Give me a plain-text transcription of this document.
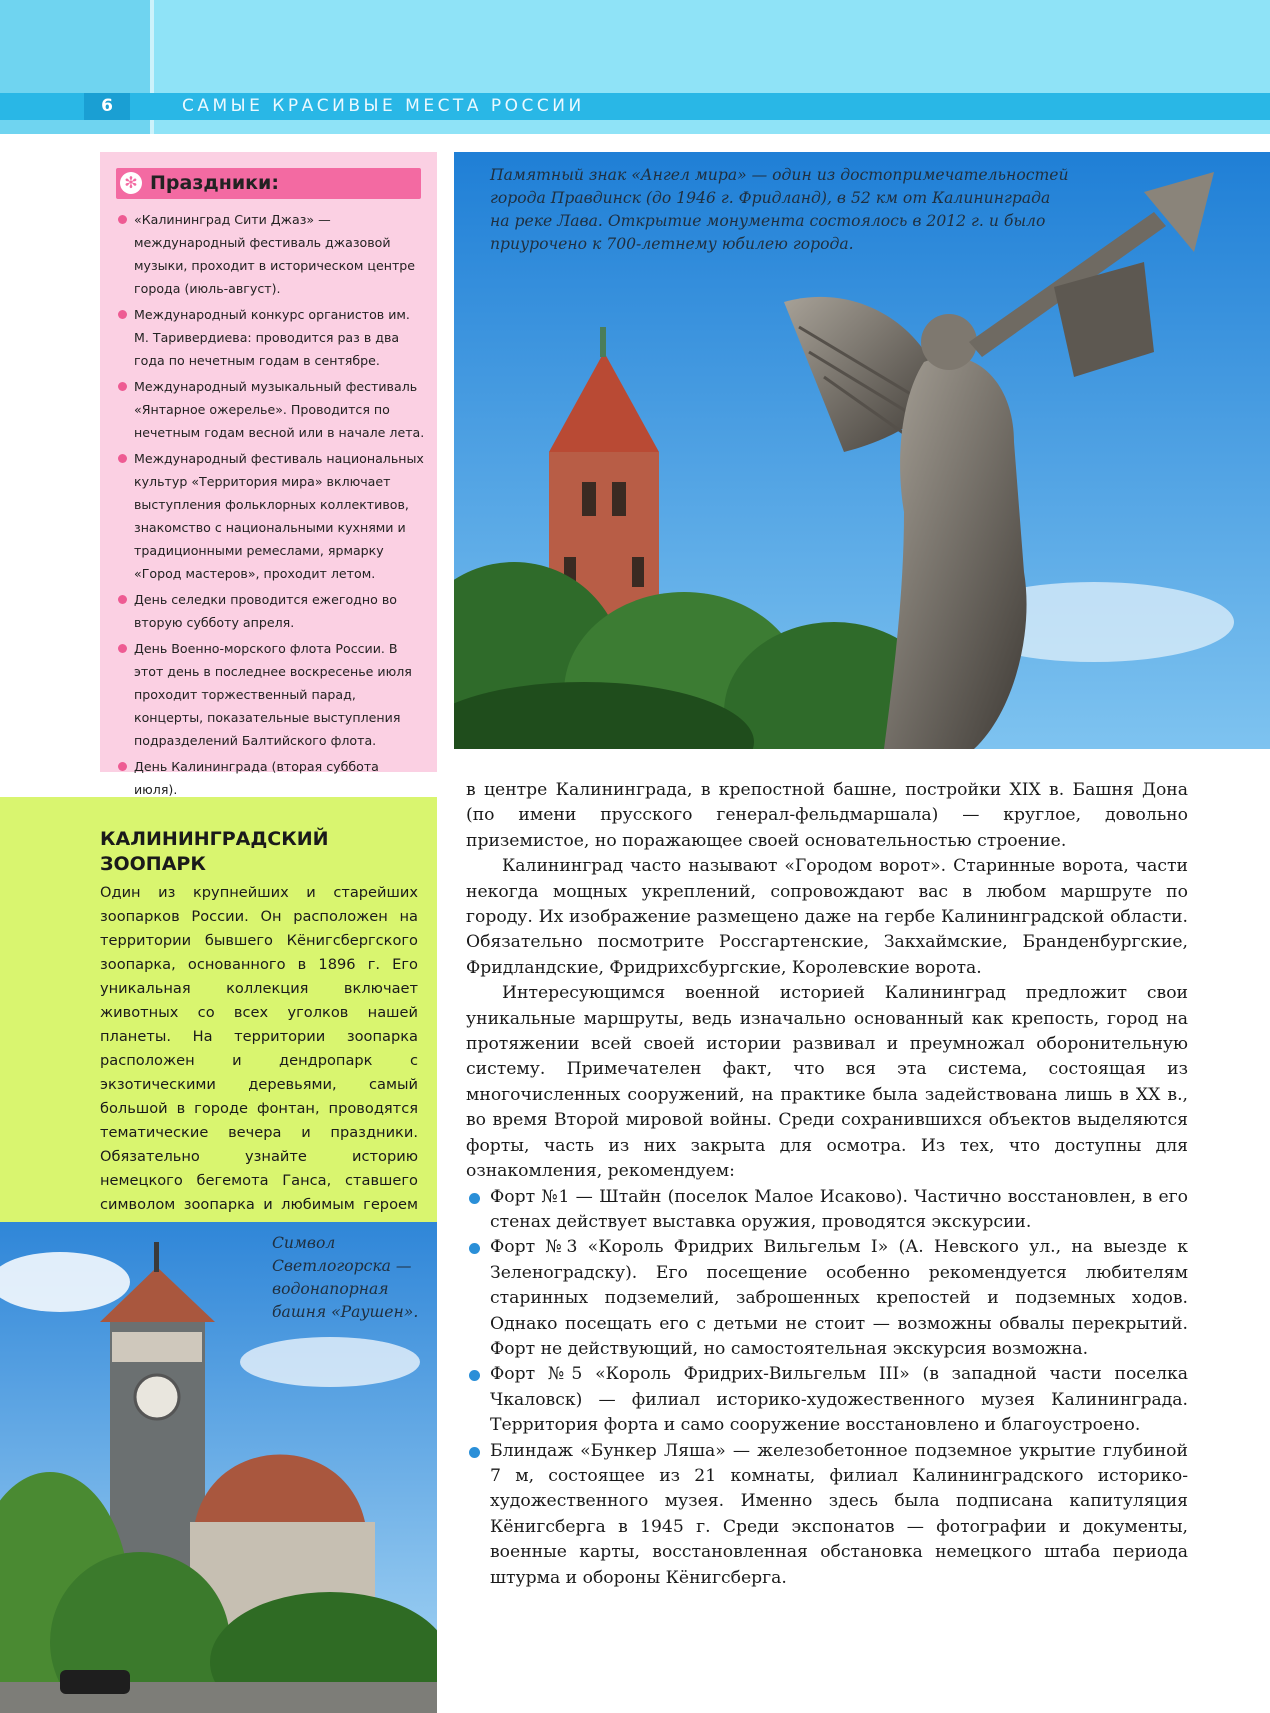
6	САМЫЕ КРАСИВЫЕ МЕСТА РОССИИ
✻ Праздники:
«Калининград Сити Джаз» — международный фестиваль джазовой музыки, проходит в историческом центре города (июль-август).
Международный конкурс органистов им. М. Таривердиева: проводится раз в два года по нечетным годам в сентябре.
Международный музыкальный фестиваль «Янтарное ожерелье». Проводится по нечетным годам весной или в начале лета.
Международный фестиваль национальных культур «Территория мира» включает выступления фольклорных коллективов, знакомство с национальными кухнями и традиционными ремеслами, ярмарку «Город мастеров», проходит летом.
День селедки проводится ежегодно во вторую субботу апреля.
День Военно-морского флота России. В этот день в последнее воскресенье июля проходит торжественный парад, концерты, показательные выступления подразделений Балтийского флота.
День Калининграда (вторая суббота июля).
Памятный знак «Ангел мира» — один из достопримечательностей города Правдинск (до 1946 г. Фридланд), в 52 км от Калининграда на реке Лава. Открытие монумента состоялось в 2012 г. и было приурочено к 700-летнему юбилею города.
КАЛИНИНГРАДСКИЙ ЗООПАРК

Один из крупнейших и старейших зоопарков России. Он расположен на территории бывшего Кёнигсбергского зоопарка, основанного в 1896 г. Его уникальная коллекция включает животных со всех уголков нашей планеты. На территории зоопарка расположен и дендропарк с экзотическими деревьями, самый большой в городе фонтан, проводятся тематические вечера и праздники. Обязательно узнайте историю немецкого бегемота Ганса, ставшего символом зоопарка и любимым героем

Символ Светлогорска — водонапорная башня «Раушен».

в центре Калининграда, в крепостной башне, постройки XIX в. Башня Дона (по имени прусского генерал-фельдмаршала) — круглое, довольно приземистое, но поражающее своей основательностью строение.

Калининград часто называют «Городом ворот». Старинные ворота, части некогда мощных укреплений, сопровождают вас в любом маршруте по городу. Их изображение размещено даже на гербе Калининградской области. Обязательно посмотрите Россгартенские, Закхаймские, Бранденбургские, Фридландские, Фридрихсбургские, Королевские ворота.

Интересующимся военной историей Калининград предложит свои уникальные маршруты, ведь изначально основанный как крепость, город на протяжении всей своей истории развивал и преумножал оборонительную систему. Примечателен факт, что вся эта система, состоящая из многочисленных сооружений, на практике была задействована лишь в XX в., во время Второй мировой войны. Среди сохранившихся объектов выделяются форты, часть из них закрыта для осмотра. Из тех, что доступны для ознакомления, рекомендуем:

Форт №1 — Штайн (поселок Малое Исаково). Частично восстановлен, в его стенах действует выставка оружия, проводятся экскурсии.
Форт №3 «Король Фридрих Вильгельм I» (А. Невского ул., на выезде к Зеленоградску). Его посещение особенно рекомендуется любителям старинных подземелий, заброшенных крепостей и подземных ходов. Однако посещать его с детьми не стоит — возможны обвалы перекрытий. Форт не действующий, но самостоятельная экскурсия возможна.
Форт №5 «Король Фридрих-Вильгельм III» (в западной части поселка Чкаловск) — филиал историко-художественного музея Калининграда. Территория форта и само сооружение восстановлено и благоустроено.
Блиндаж «Бункер Ляша» — железобетонное подземное укрытие глубиной 7 м, состоящее из 21 комнаты, филиал Калининградского историко-художественного музея. Именно здесь была подписана капитуляция Кёнигсберга в 1945 г. Среди экспонатов — фотографии и документы, военные карты, восстановленная обстановка немецкого штаба периода штурма и обороны Кёнигсберга.
